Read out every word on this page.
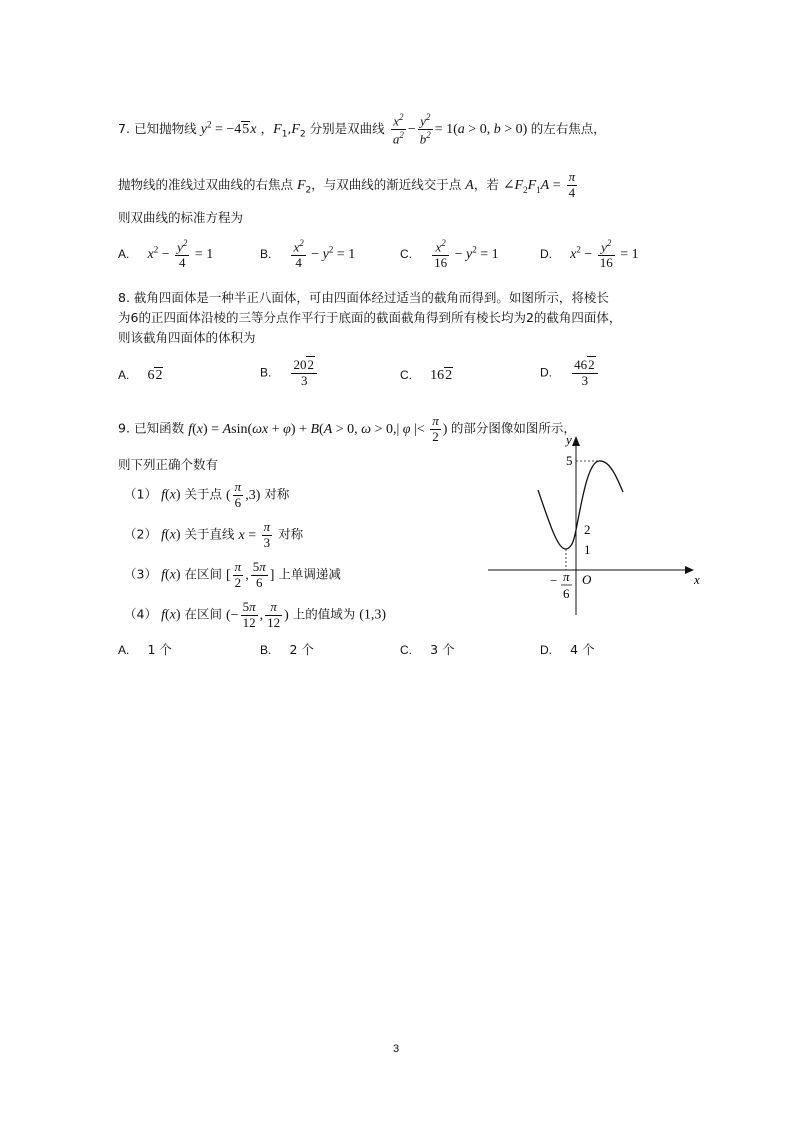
7. 已知抛物线 $y^2 = -45x$ ，$F_1,F_2$ 分别是双曲线 $\frac{x^2}{a^2} - \frac{y^2}{b^2} = 1(a > 0$, b > 0) 的左右焦点，
抛物线的准线过双曲线的右焦点 $F_2$，与双曲线的渐近线交于点 A，若 $\angle F_2F_1A = \frac{\pi}{4}$
则双曲线的标准方程为
A. $x^2 - \frac{y^2}{4} = 1$	B. $\frac{x^2}{4} - y^2 = 1$	C. $\frac{x^2}{16} - y^2 = 1$	D. $x^2 - \frac{y^2}{16} = 1$
8. 截角四面体是一种半正八面体，可由四面体经过适当的截角而得到。如图所示，将棱长
为6的正四面体沿棱的三等分点作平行于底面的截面截角得到所有棱长均为2的截角四面体，
则该截角四面体的体积为
A. 62	B. $\frac{202}{3}$	C. 162	D. $\frac{462}{3}$
9. 已知函数 f(x) = Asin(ωx + φ) + B(A > 0, ω > 0,| φ |< $\frac{\pi}{2}$ ) 的部分图像如图所示，
则下列正确个数有
（1） f(x) 关于点 ( $\frac{\pi}{6} ,3$) 对称
（2） f(x) 关于直线 $x = \frac{\pi}{3}$ 对称
（3） f(x) 在区间 [ $\frac{\pi}{2}$ , $\frac{5\pi}{6}$ ] 上单调递减
（4） f(x) 在区间 (− $\frac{5\pi}{12}$ , $\frac{\pi}{12}$ ) 上的值域为 (1,3)
A. 1 个	B. 2 个	C. 3 个	D. 4 个
y
x
O
5
2
1
− π
6
3
